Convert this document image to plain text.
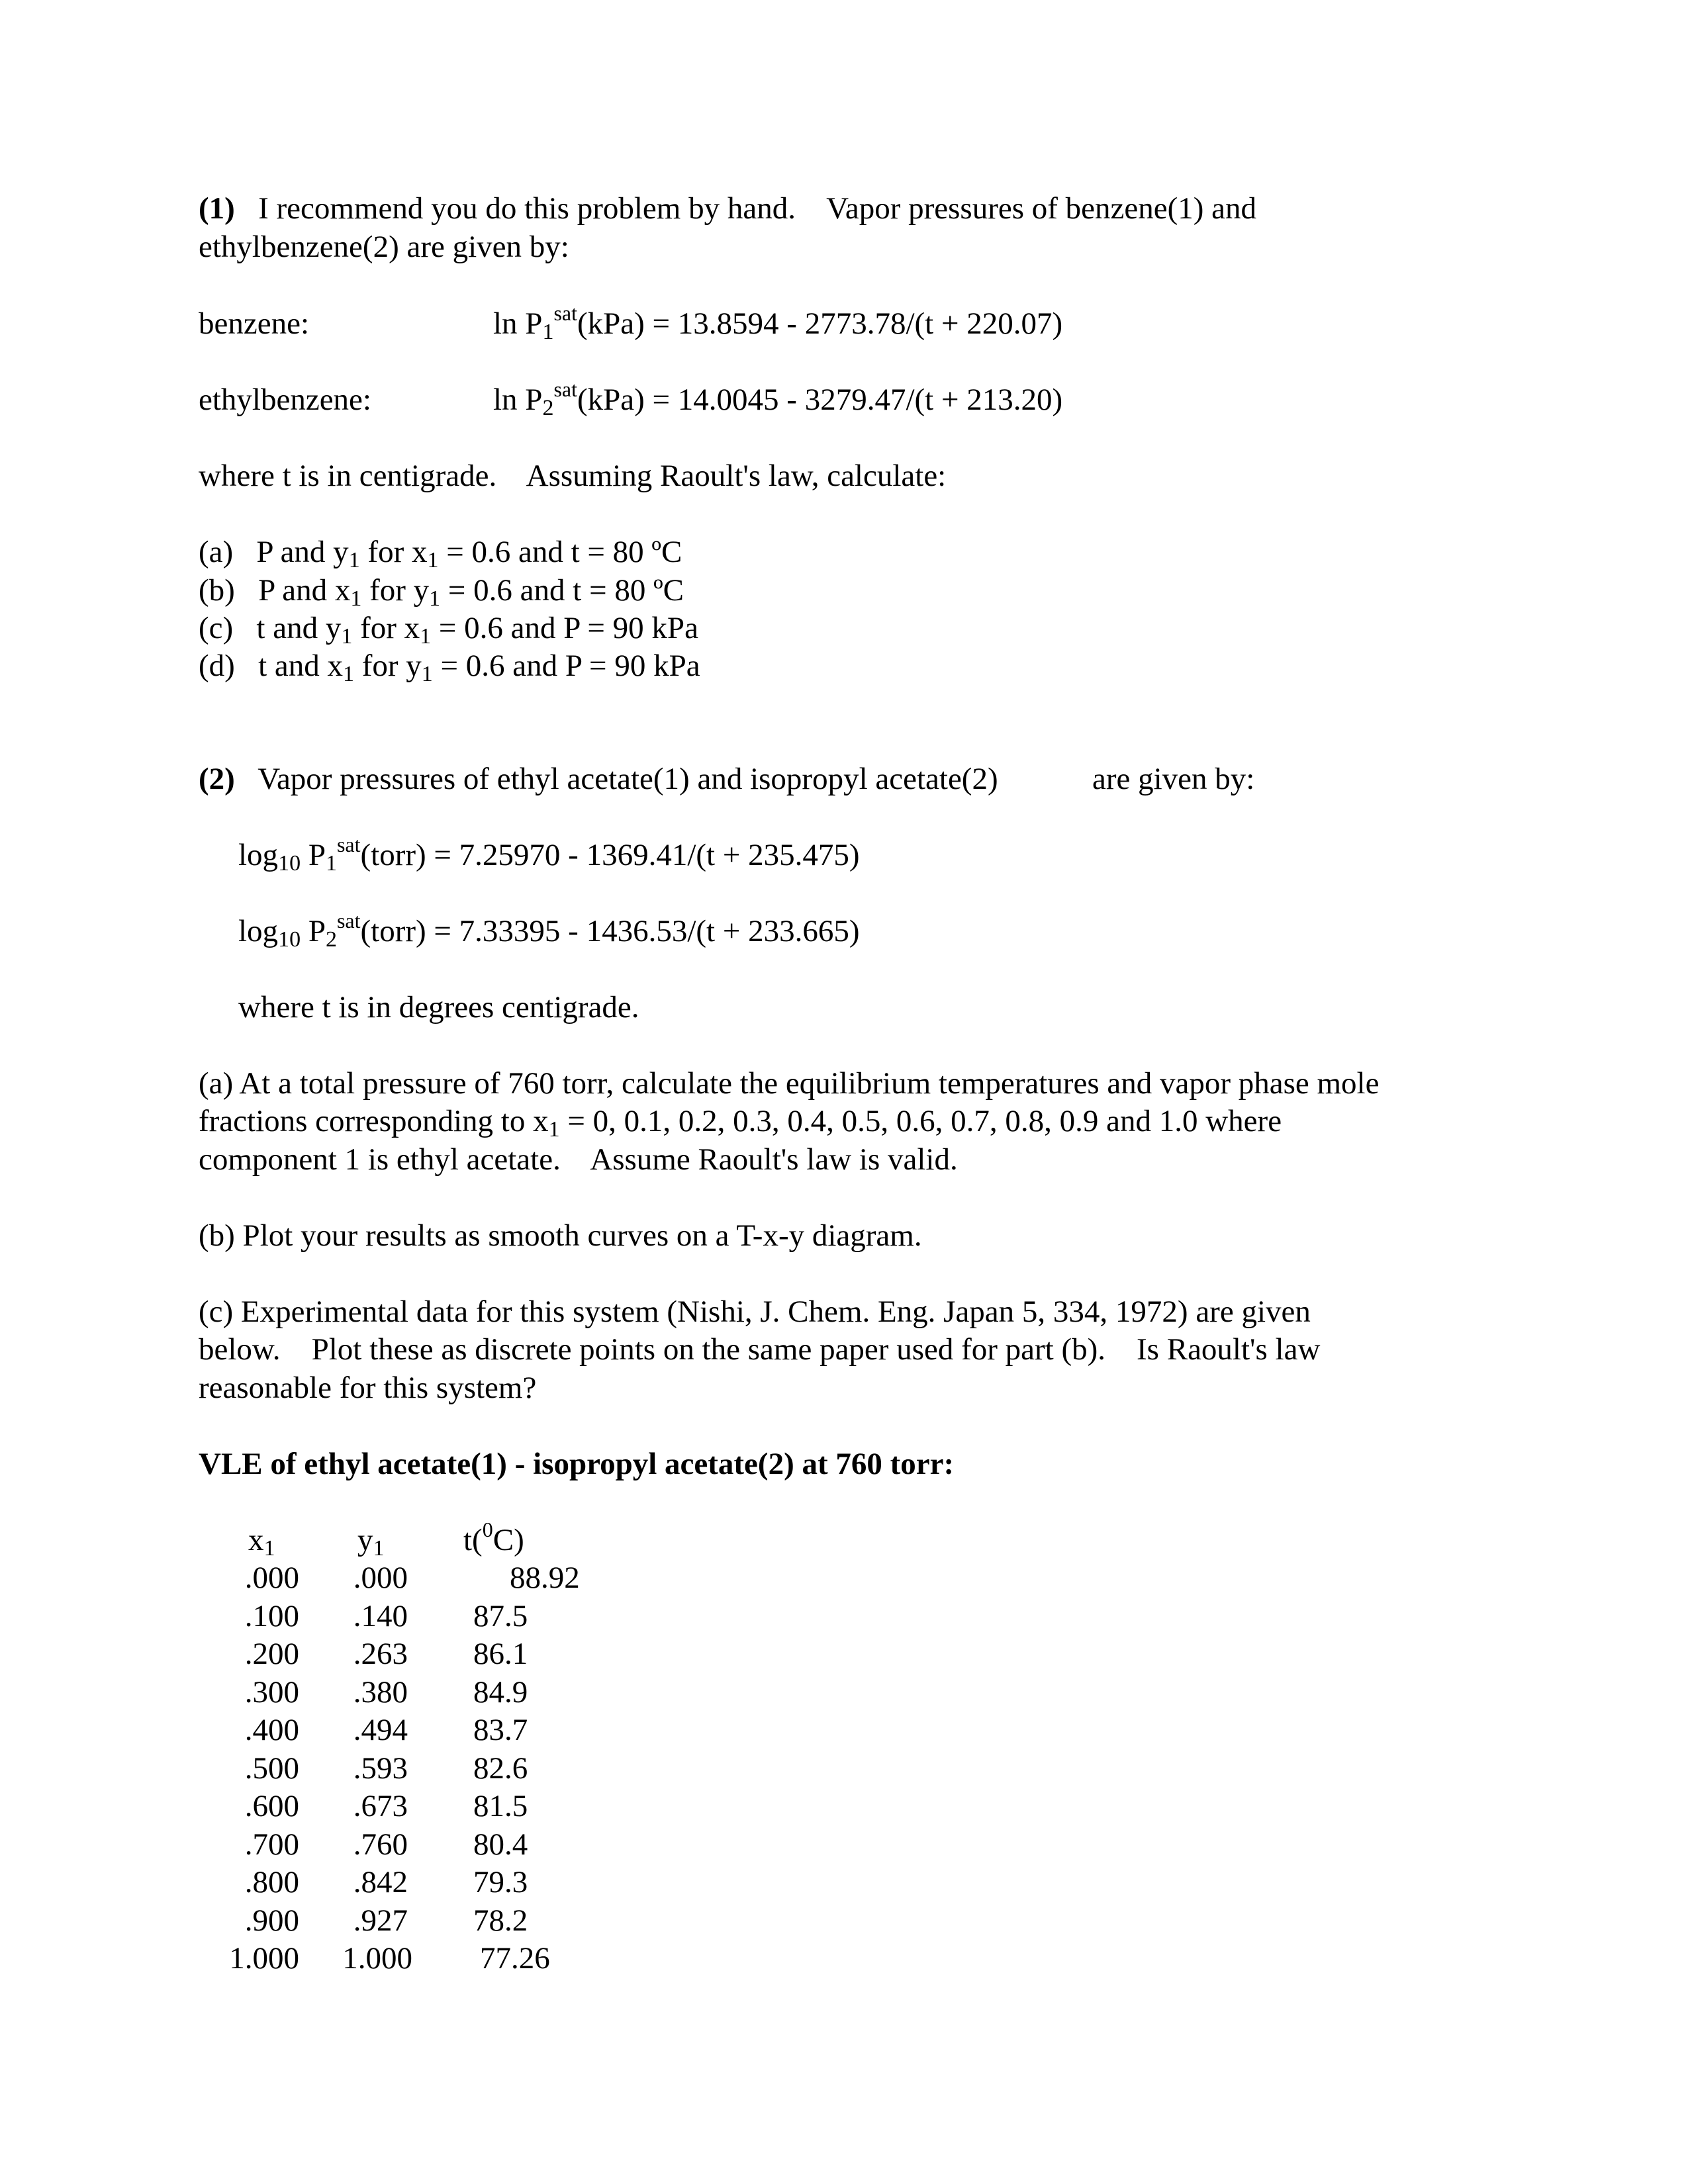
(1) I recommend you do this problem by hand. Vapor pressures of benzene(1) and
ethylbenzene(2) are given by:
benzene:	$\ln P_1^{sat}(kPa) = 13.8594 - 2773.78/(t + 220.07)$
ethylbenzene:	$\ln P_2^{sat}(kPa) = 14.0045 - 3279.47/(t + 213.20)$
where t is in centigrade. Assuming Raoult's law, calculate:
(a) P and $y_1$ for $x_1 = 0.6$ and t = 80 ºC
(b) P and $x_1$ for $y_1 = 0.6$ and t = 80 ºC
(c) t and $y_1$ for $x_1 = 0.6$ and P = 90 kPa
(d) t and $x_1$ for $y_1 = 0.6$ and P = 90 kPa
(2) Vapor pressures of ethyl acetate(1) and isopropyl acetate(2)	are given by:
$\log_{10}$ $P_1^{sat}(torr) = 7.25970 - 1369.41/(t + 235.475)$
$\log_{10}$ $P_2^{sat}(torr) = 7.33395 - 1436.53/(t + 233.665)$
where t is in degrees centigrade.
(a) At a total pressure of 760 torr, calculate the equilibrium temperatures and vapor phase mole
fractions corresponding to $x_1 = 0$, 0.1, 0.2, 0.3, 0.4, 0.5, 0.6, 0.7, 0.8, 0.9 and 1.0 where
component 1 is ethyl acetate. Assume Raoult's law is valid.
(b) Plot your results as smooth curves on a T-x-y diagram.
(c) Experimental data for this system (Nishi, J. Chem. Eng. Japan 5, 334, 1972) are given
below. Plot these as discrete points on the same paper used for part (b). Is Raoult's law
reasonable for this system?
VLE of ethyl acetate(1) - isopropyl acetate(2) at 760 torr:
$x_1$	$y_1$	t($^0$C)
.000 .000	88.92
.100 .140 87.5
.200 .263 86.1
.300 .380 84.9
.400 .494 83.7
.500 .593 82.6
.600 .673 81.5
.700 .760 80.4
.800 .842 79.3
.900 .927 78.2
1.000 1.000 77.26
